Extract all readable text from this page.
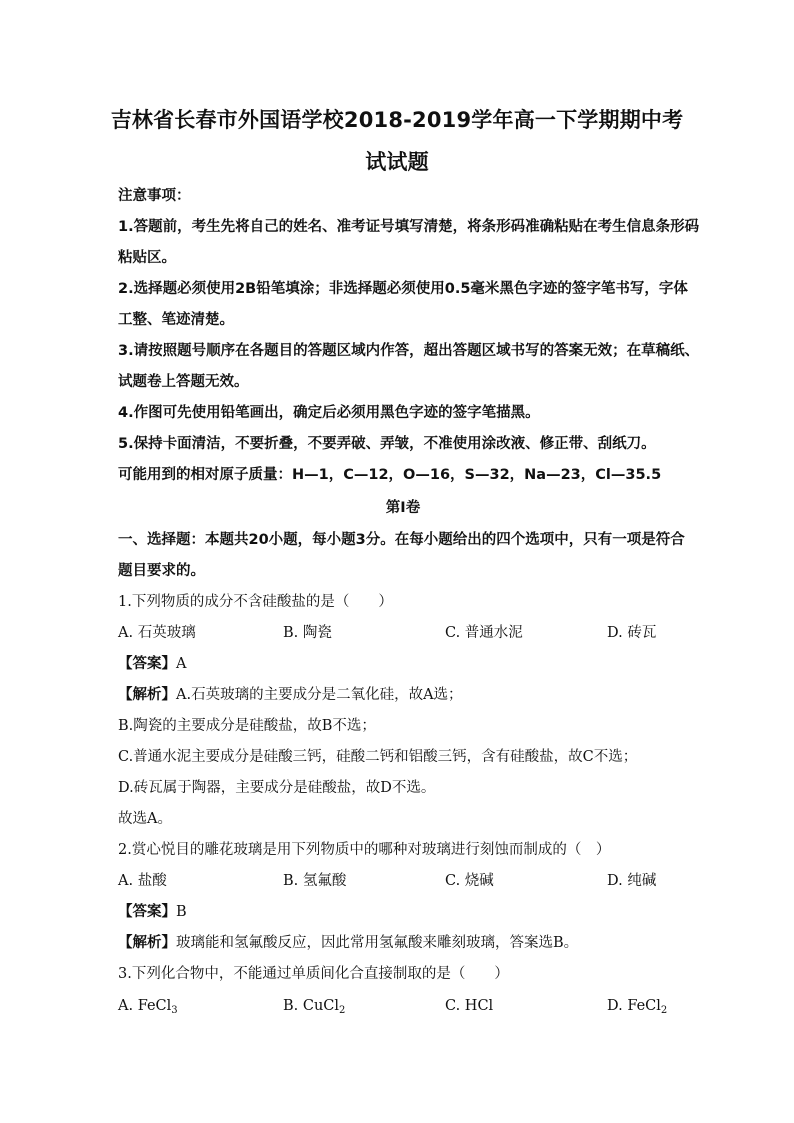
吉林省长春市外国语学校2018-2019学年高一下学期期中考
试试题
注意事项：
1.答题前，考生先将自己的姓名、准考证号填写清楚，将条形码准确粘贴在考生信息条形码
粘贴区。
2.选择题必须使用2B铅笔填涂；非选择题必须使用0.5毫米黑色字迹的签字笔书写，字体
工整、笔迹清楚。
3.请按照题号顺序在各题目的答题区域内作答，超出答题区域书写的答案无效；在草稿纸、
试题卷上答题无效。
4.作图可先使用铅笔画出，确定后必须用黑色字迹的签字笔描黑。
5.保持卡面清洁，不要折叠，不要弄破、弄皱，不准使用涂改液、修正带、刮纸刀。
可能用到的相对原子质量：H—1，C—12，O—16，S—32，Na—23，Cl—35.5
第Ⅰ卷
一、选择题：本题共20小题，每小题3分。在每小题给出的四个选项中，只有一项是符合
题目要求的。
1.下列物质的成分不含硅酸盐的是（　　）
A. 石英玻璃	B. 陶瓷	C. 普通水泥	D. 砖瓦
【答案】A
【解析】A.石英玻璃的主要成分是二氧化硅，故A选；
B.陶瓷的主要成分是硅酸盐，故B不选；
C.普通水泥主要成分是硅酸三钙，硅酸二钙和铝酸三钙，含有硅酸盐，故C不选；
D.砖瓦属于陶器，主要成分是硅酸盐，故D不选。
故选A。
2.赏心悦目的雕花玻璃是用下列物质中的哪种对玻璃进行刻蚀而制成的（　）
A. 盐酸	B. 氢氟酸	C. 烧碱	D. 纯碱
【答案】B
【解析】玻璃能和氢氟酸反应，因此常用氢氟酸来雕刻玻璃，答案选B。
3.下列化合物中，不能通过单质间化合直接制取的是（　　）
A. FeCl$_3$	B. CuCl$_2$	C. HCl	D. FeCl$_2$
